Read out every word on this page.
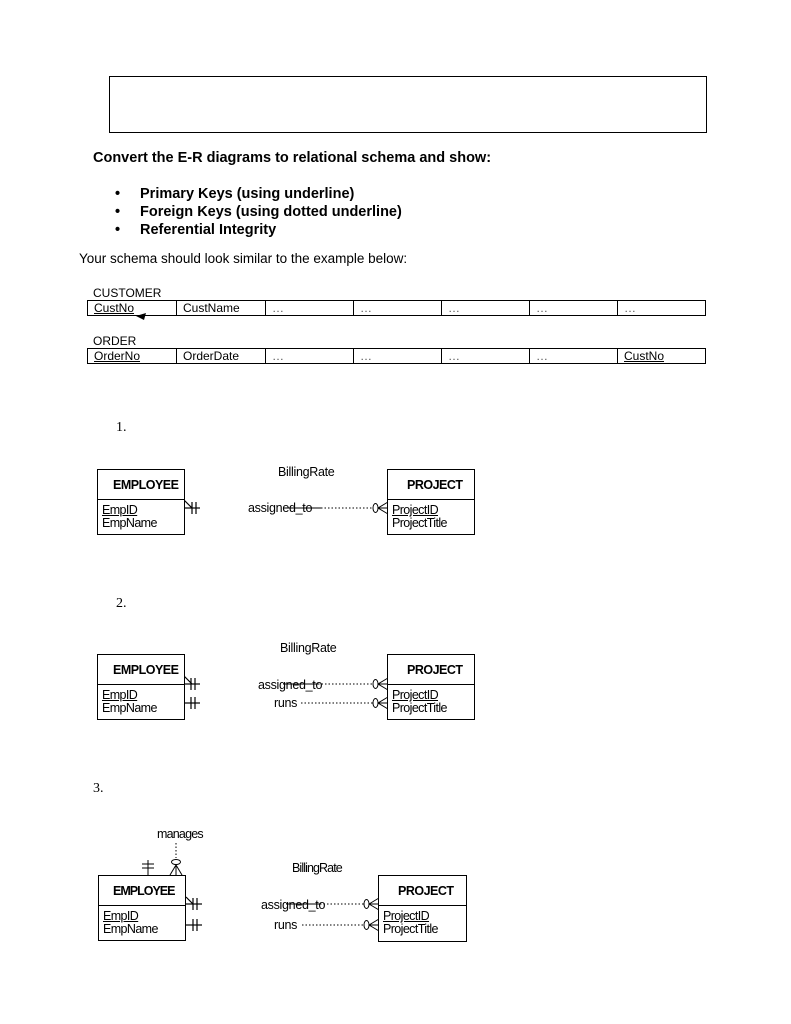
Convert the E-R diagrams to relational schema and show:
• Primary Keys (using underline)
• Foreign Keys (using dotted underline)
• Referential Integrity
Your schema should look similar to the example below:
CUSTOMER
CustNo	CustName	…	…	…	…	…
ORDER
OrderNo	OrderDate	…	…	…	…	CustNo
1.
BillingRate
EMPLOYEE
EmpID
EmpName
assigned_to
PROJECT
ProjectID
ProjectTitle
2.
BillingRate
EMPLOYEE
EmpID
EmpName
assigned_to
runs
PROJECT
ProjectID
ProjectTitle
3.
manages
BillingRate
EMPLOYEE
EmpID
EmpName
assigned_to
runs
PROJECT
ProjectID
ProjectTitle
